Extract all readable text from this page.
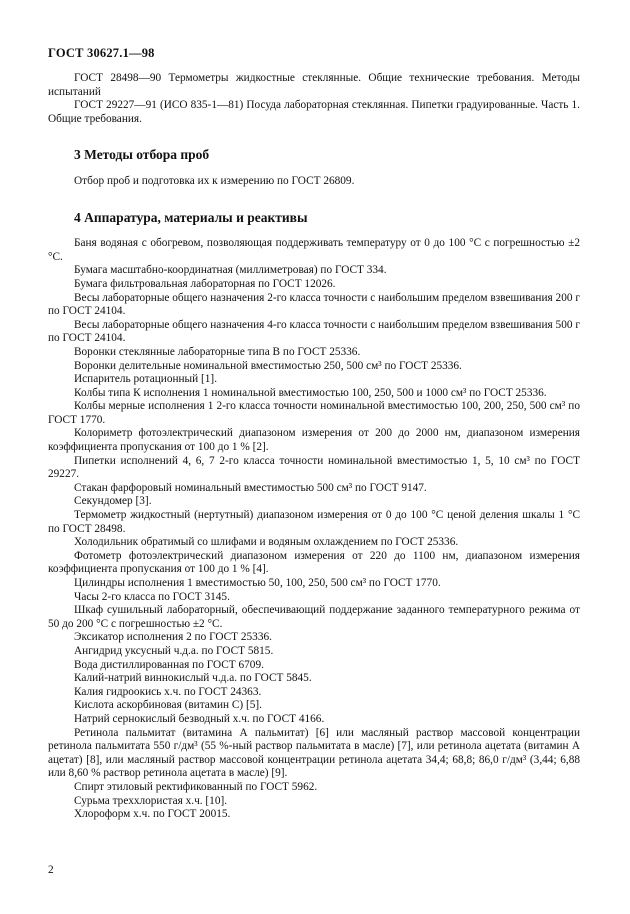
ГОСТ 30627.1—98

ГОСТ 28498—90 Термометры жидкостные стеклянные. Общие технические требования. Методы испытаний

ГОСТ 29227—91 (ИСО 835-1—81) Посуда лабораторная стеклянная. Пипетки градуированные. Часть 1. Общие требования.

3 Методы отбора проб

Отбор проб и подготовка их к измерению по ГОСТ 26809.

4 Аппаратура, материалы и реактивы

Баня водяная с обогревом, позволяющая поддерживать температуру от 0 до 100 °С с погрешностью ±2 °С.

Бумага масштабно-координатная (миллиметровая) по ГОСТ 334.

Бумага фильтровальная лабораторная по ГОСТ 12026.

Весы лабораторные общего назначения 2-го класса точности с наибольшим пределом взвешивания 200 г по ГОСТ 24104.

Весы лабораторные общего назначения 4-го класса точности с наибольшим пределом взвешивания 500 г по ГОСТ 24104.

Воронки стеклянные лабораторные типа В по ГОСТ 25336.

Воронки делительные номинальной вместимостью 250, 500 см³ по ГОСТ 25336.

Испаритель ротационный [1].

Колбы типа К исполнения 1 номинальной вместимостью 100, 250, 500 и 1000 см³ по ГОСТ 25336.

Колбы мерные исполнения 1 2-го класса точности номинальной вместимостью 100, 200, 250, 500 см³ по ГОСТ 1770.

Колориметр фотоэлектрический диапазоном измерения от 200 до 2000 нм, диапазоном измерения коэффициента пропускания от 100 до 1 % [2].

Пипетки исполнений 4, 6, 7 2-го класса точности номинальной вместимостью 1, 5, 10 см³ по ГОСТ 29227.

Стакан фарфоровый номинальный вместимостью 500 см³ по ГОСТ 9147.

Секундомер [3].

Термометр жидкостный (нертутный) диапазоном измерения от 0 до 100 °С ценой деления шкалы 1 °С по ГОСТ 28498.

Холодильник обратимый со шлифами и водяным охлаждением по ГОСТ 25336.

Фотометр фотоэлектрический диапазоном измерения от 220 до 1100 нм, диапазоном измерения коэффициента пропускания от 100 до 1 % [4].

Цилиндры исполнения 1 вместимостью 50, 100, 250, 500 см³ по ГОСТ 1770.

Часы 2-го класса по ГОСТ 3145.

Шкаф сушильный лабораторный, обеспечивающий поддержание заданного температурного режима от 50 до 200 °С с погрешностью ±2 °С.

Эксикатор исполнения 2 по ГОСТ 25336.

Ангидрид уксусный ч.д.а. по ГОСТ 5815.

Вода дистиллированная по ГОСТ 6709.

Калий-натрий виннокислый ч.д.а. по ГОСТ 5845.

Калия гидроокись х.ч. по ГОСТ 24363.

Кислота аскорбиновая (витамин С) [5].

Натрий сернокислый безводный х.ч. по ГОСТ 4166.

Ретинола пальмитат (витамина А пальмитат) [6] или масляный раствор массовой концентрации ретинола пальмитата 550 г/дм³ (55 %-ный раствор пальмитата в масле) [7], или ретинола ацетата (витамин А ацетат) [8], или масляный раствор массовой концентрации ретинола ацетата 34,4; 68,8; 86,0 г/дм³ (3,44; 6,88 или 8,60 % раствор ретинола ацетата в масле) [9].

Спирт этиловый ректификованный по ГОСТ 5962.

Сурьма треххлористая х.ч. [10].

Хлороформ х.ч. по ГОСТ 20015.

2
